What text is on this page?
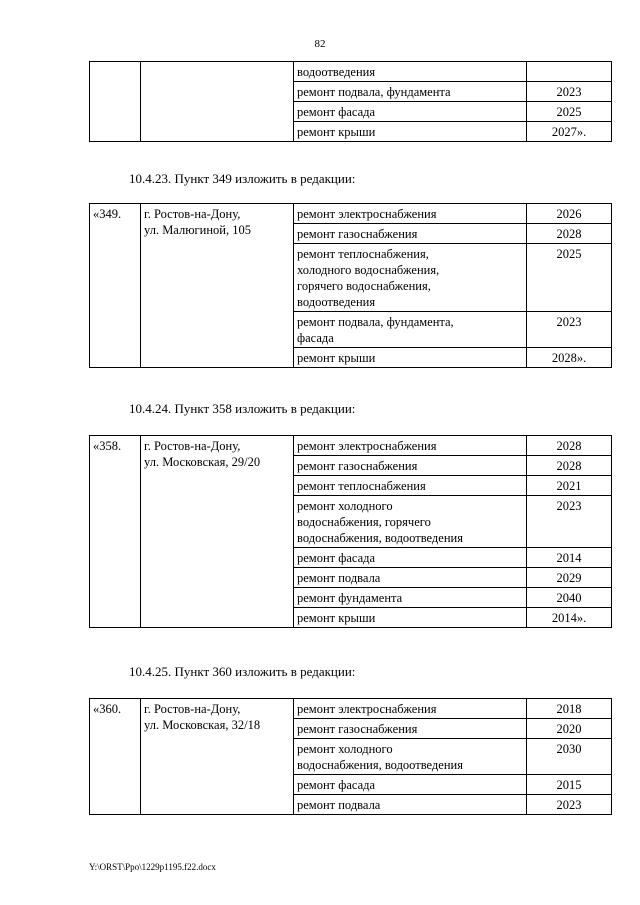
82
		водоотведения	
		ремонт подвала, фундамента	2023
		ремонт фасада	2025
		ремонт крыши	2027».
10.4.23. Пункт 349 изложить в редакции:
«349.	г. Ростов-на-Дону,
ул. Малюгиной, 105	ремонт электроснабжения	2026
		ремонт газоснабжения	2028

		ремонт теплоснабжения,
холодного водоснабжения,
горячего водоснабжения,
водоотведения	2025

		ремонт подвала, фундамента,
фасада	2023
		ремонт крыши	2028».
10.4.24. Пункт 358 изложить в редакции:
«358.	г. Ростов-на-Дону,
ул. Московская, 29/20	ремонт электроснабжения	2028
		ремонт газоснабжения	2028
		ремонт теплоснабжения	2021

		ремонт холодного
водоснабжения, горячего
водоснабжения, водоотведения	2023
		ремонт фасада	2014
		ремонт подвала	2029
		ремонт фундамента	2040
		ремонт крыши	2014».
10.4.25. Пункт 360 изложить в редакции:
«360.	г. Ростов-на-Дону,
ул. Московская, 32/18	ремонт электроснабжения	2018
		ремонт газоснабжения	2020

		ремонт холодного
водоснабжения, водоотведения	2030
		ремонт фасада	2015
		ремонт подвала	2023
Y:\ORST\Ppo\1229p1195.f22.docx
